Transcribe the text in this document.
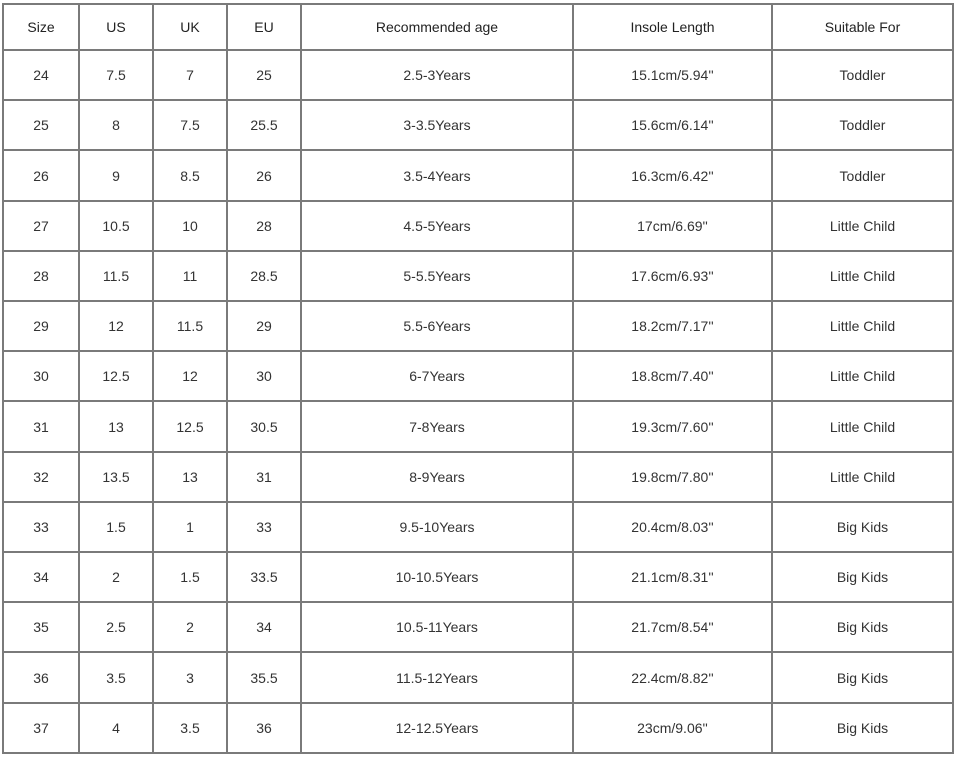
Size	US	UK	EU	Recommended age	Insole Length	Suitable For
24	7.5	7	25	2.5-3Years	15.1cm/5.94''	Toddler
25	8	7.5	25.5	3-3.5Years	15.6cm/6.14''	Toddler
26	9	8.5	26	3.5-4Years	16.3cm/6.42''	Toddler
27	10.5	10	28	4.5-5Years	17cm/6.69''	Little Child
28	11.5	11	28.5	5-5.5Years	17.6cm/6.93''	Little Child
29	12	11.5	29	5.5-6Years	18.2cm/7.17''	Little Child
30	12.5	12	30	6-7Years	18.8cm/7.40''	Little Child
31	13	12.5	30.5	7-8Years	19.3cm/7.60''	Little Child
32	13.5	13	31	8-9Years	19.8cm/7.80''	Little Child
33	1.5	1	33	9.5-10Years	20.4cm/8.03''	Big Kids
34	2	1.5	33.5	10-10.5Years	21.1cm/8.31''	Big Kids
35	2.5	2	34	10.5-11Years	21.7cm/8.54''	Big Kids
36	3.5	3	35.5	11.5-12Years	22.4cm/8.82''	Big Kids
37	4	3.5	36	12-12.5Years	23cm/9.06''	Big Kids
